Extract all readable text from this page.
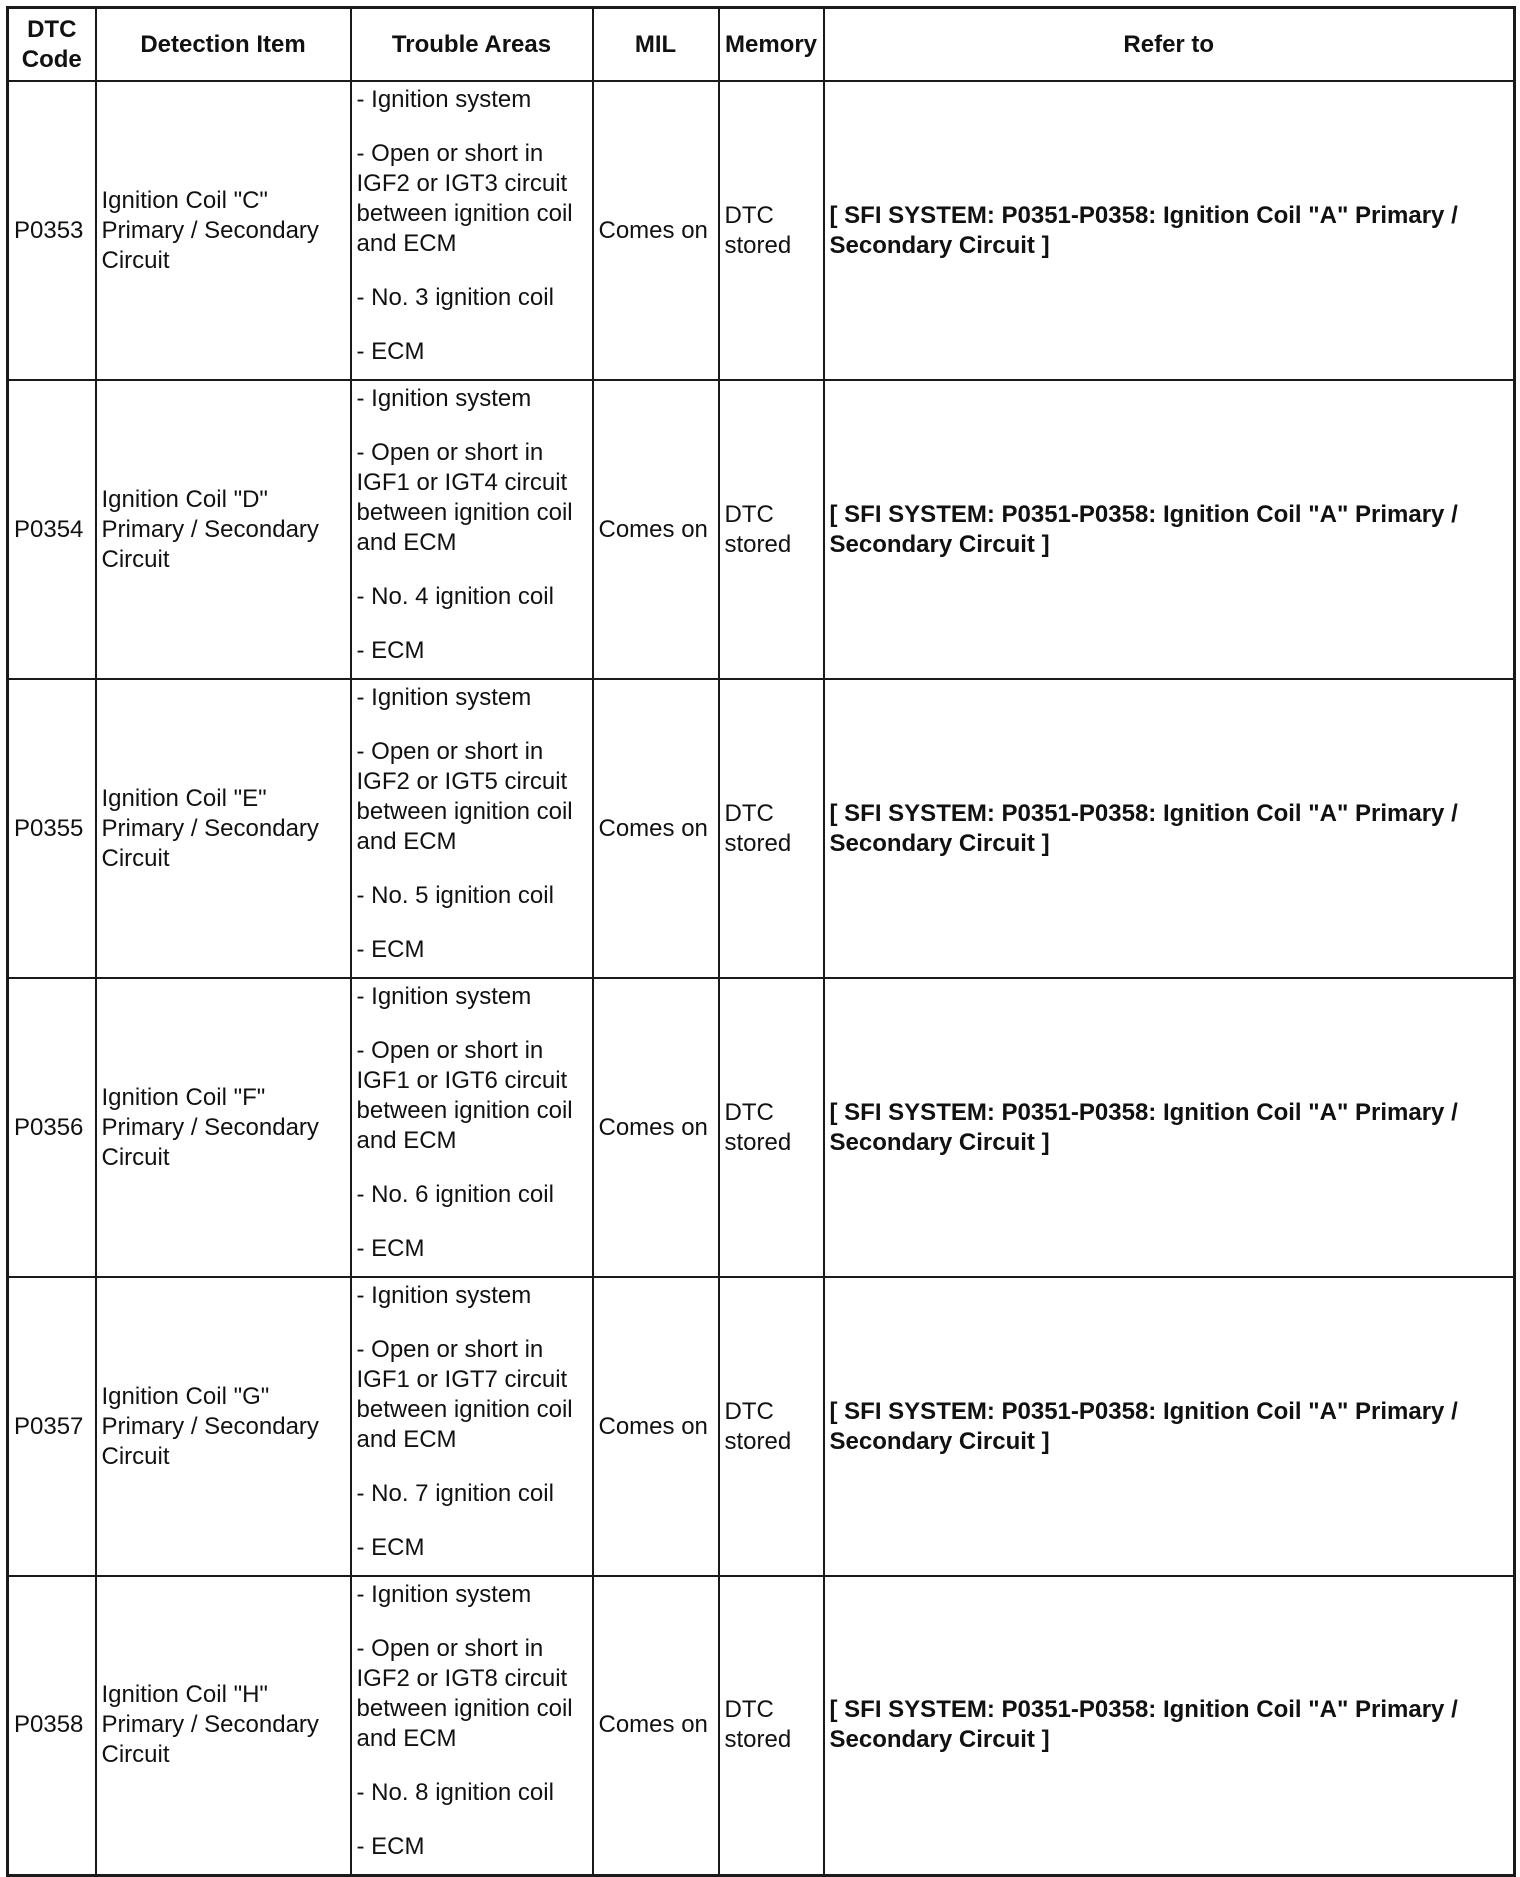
DTC Code	Detection Item	Trouble Areas	MIL	Memory	Refer to
P0353	Ignition Coil "C" Primary / Secondary Circuit	- Ignition system
- Open or short in IGF2 or IGT3 circuit between ignition coil and ECM
- No. 3 ignition coil
- ECM	Comes on	DTC stored	[ SFI SYSTEM: P0351-P0358: Ignition Coil "A" Primary / Secondary Circuit ]
P0354	Ignition Coil "D" Primary / Secondary Circuit	- Ignition system
- Open or short in IGF1 or IGT4 circuit between ignition coil and ECM
- No. 4 ignition coil
- ECM	Comes on	DTC stored	[ SFI SYSTEM: P0351-P0358: Ignition Coil "A" Primary / Secondary Circuit ]
P0355	Ignition Coil "E" Primary / Secondary Circuit	- Ignition system
- Open or short in IGF2 or IGT5 circuit between ignition coil and ECM
- No. 5 ignition coil
- ECM	Comes on	DTC stored	[ SFI SYSTEM: P0351-P0358: Ignition Coil "A" Primary / Secondary Circuit ]
P0356	Ignition Coil "F" Primary / Secondary Circuit	- Ignition system
- Open or short in IGF1 or IGT6 circuit between ignition coil and ECM
- No. 6 ignition coil
- ECM	Comes on	DTC stored	[ SFI SYSTEM: P0351-P0358: Ignition Coil "A" Primary / Secondary Circuit ]
P0357	Ignition Coil "G" Primary / Secondary Circuit	- Ignition system
- Open or short in IGF1 or IGT7 circuit between ignition coil and ECM
- No. 7 ignition coil
- ECM	Comes on	DTC stored	[ SFI SYSTEM: P0351-P0358: Ignition Coil "A" Primary / Secondary Circuit ]
P0358	Ignition Coil "H" Primary / Secondary Circuit	- Ignition system
- Open or short in IGF2 or IGT8 circuit between ignition coil and ECM
- No. 8 ignition coil
- ECM	Comes on	DTC stored	[ SFI SYSTEM: P0351-P0358: Ignition Coil "A" Primary / Secondary Circuit ]
